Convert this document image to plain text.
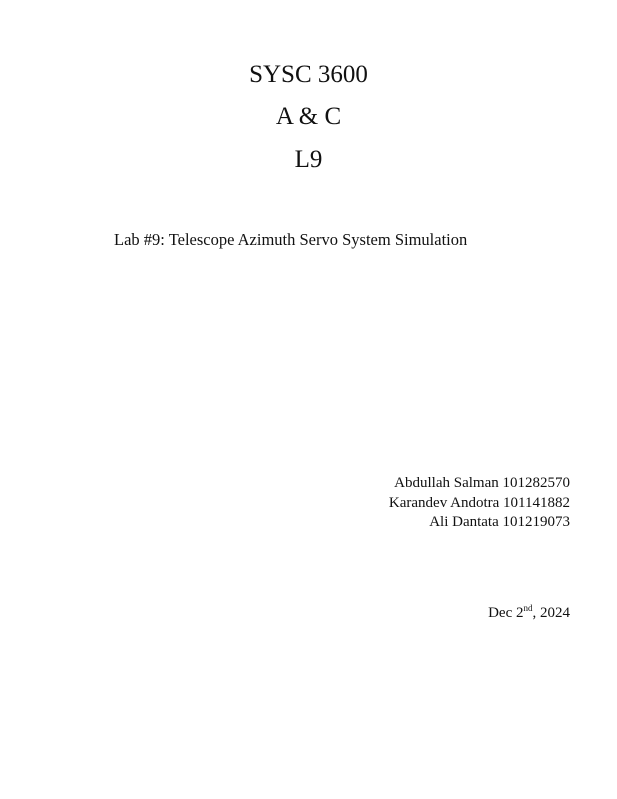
SYSC 3600
A & C
L9
Lab #9: Telescope Azimuth Servo System Simulation
Abdullah Salman 101282570
Karandev Andotra 101141882
Ali Dantata 101219073
Dec 2nd, 2024
